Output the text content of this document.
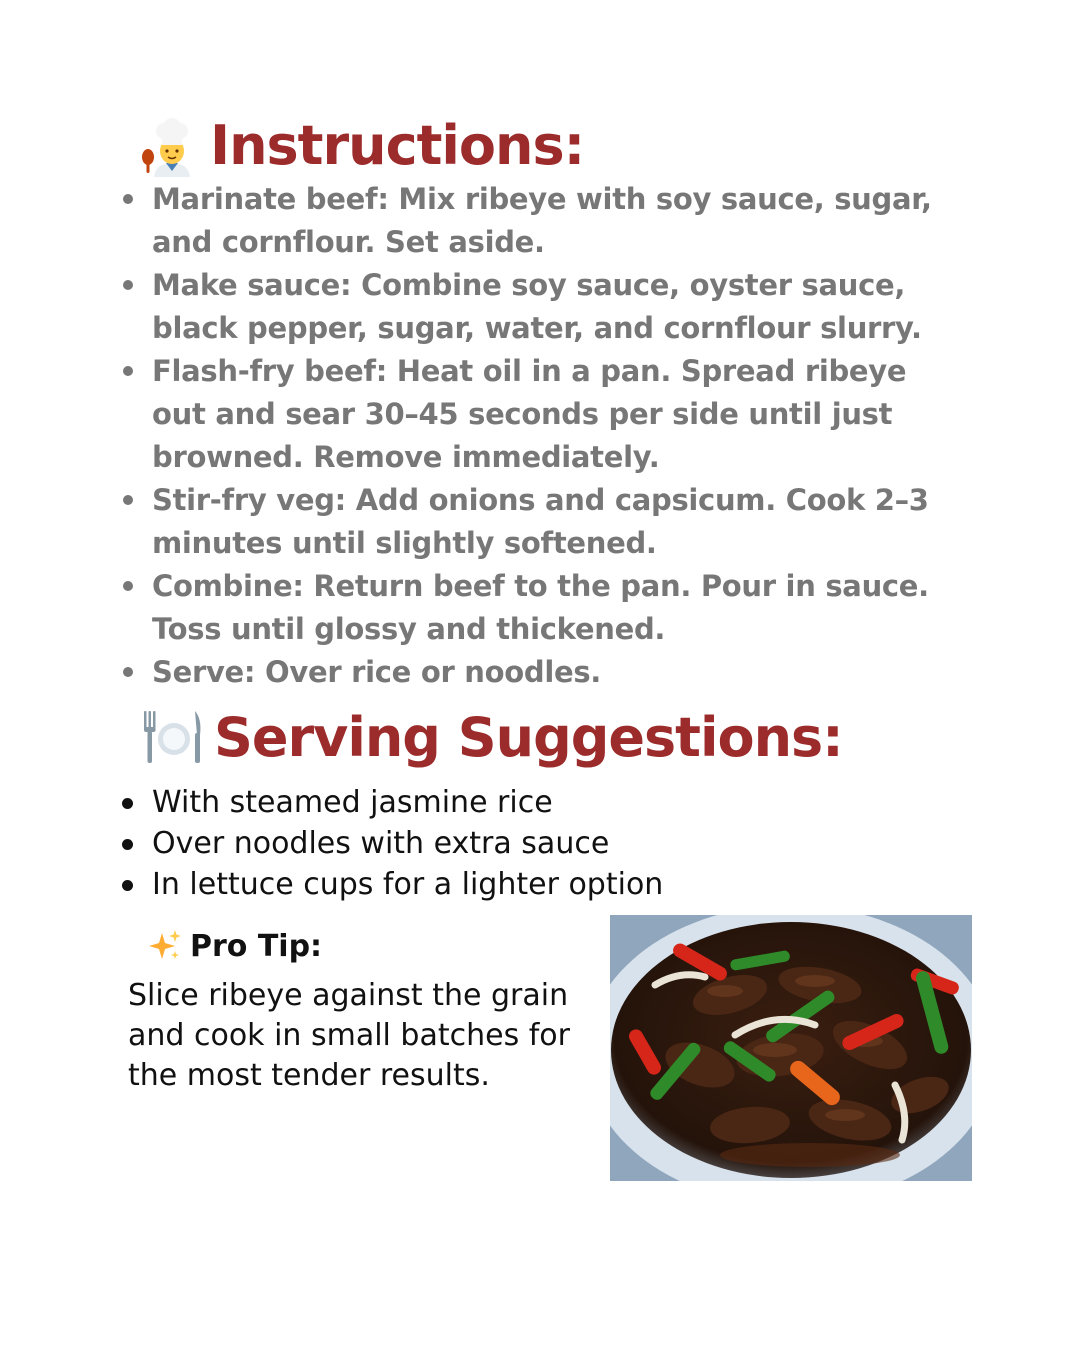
Instructions:
Marinate beef: Mix ribeye with soy sauce, sugar, and cornflour. Set aside.
Make sauce: Combine soy sauce, oyster sauce, black pepper, sugar, water, and cornflour slurry.
Flash-fry beef: Heat oil in a pan. Spread ribeye out and sear 30–45 seconds per side until just browned. Remove immediately.
Stir-fry veg: Add onions and capsicum. Cook 2–3 minutes until slightly softened.
Combine: Return beef to the pan. Pour in sauce. Toss until glossy and thickened.
Serve: Over rice or noodles.
Serving Suggestions:
With steamed jasmine rice
Over noodles with extra sauce
In lettuce cups for a lighter option
Pro Tip:
Slice ribeye against the grain and cook in small batches for the most tender results.
